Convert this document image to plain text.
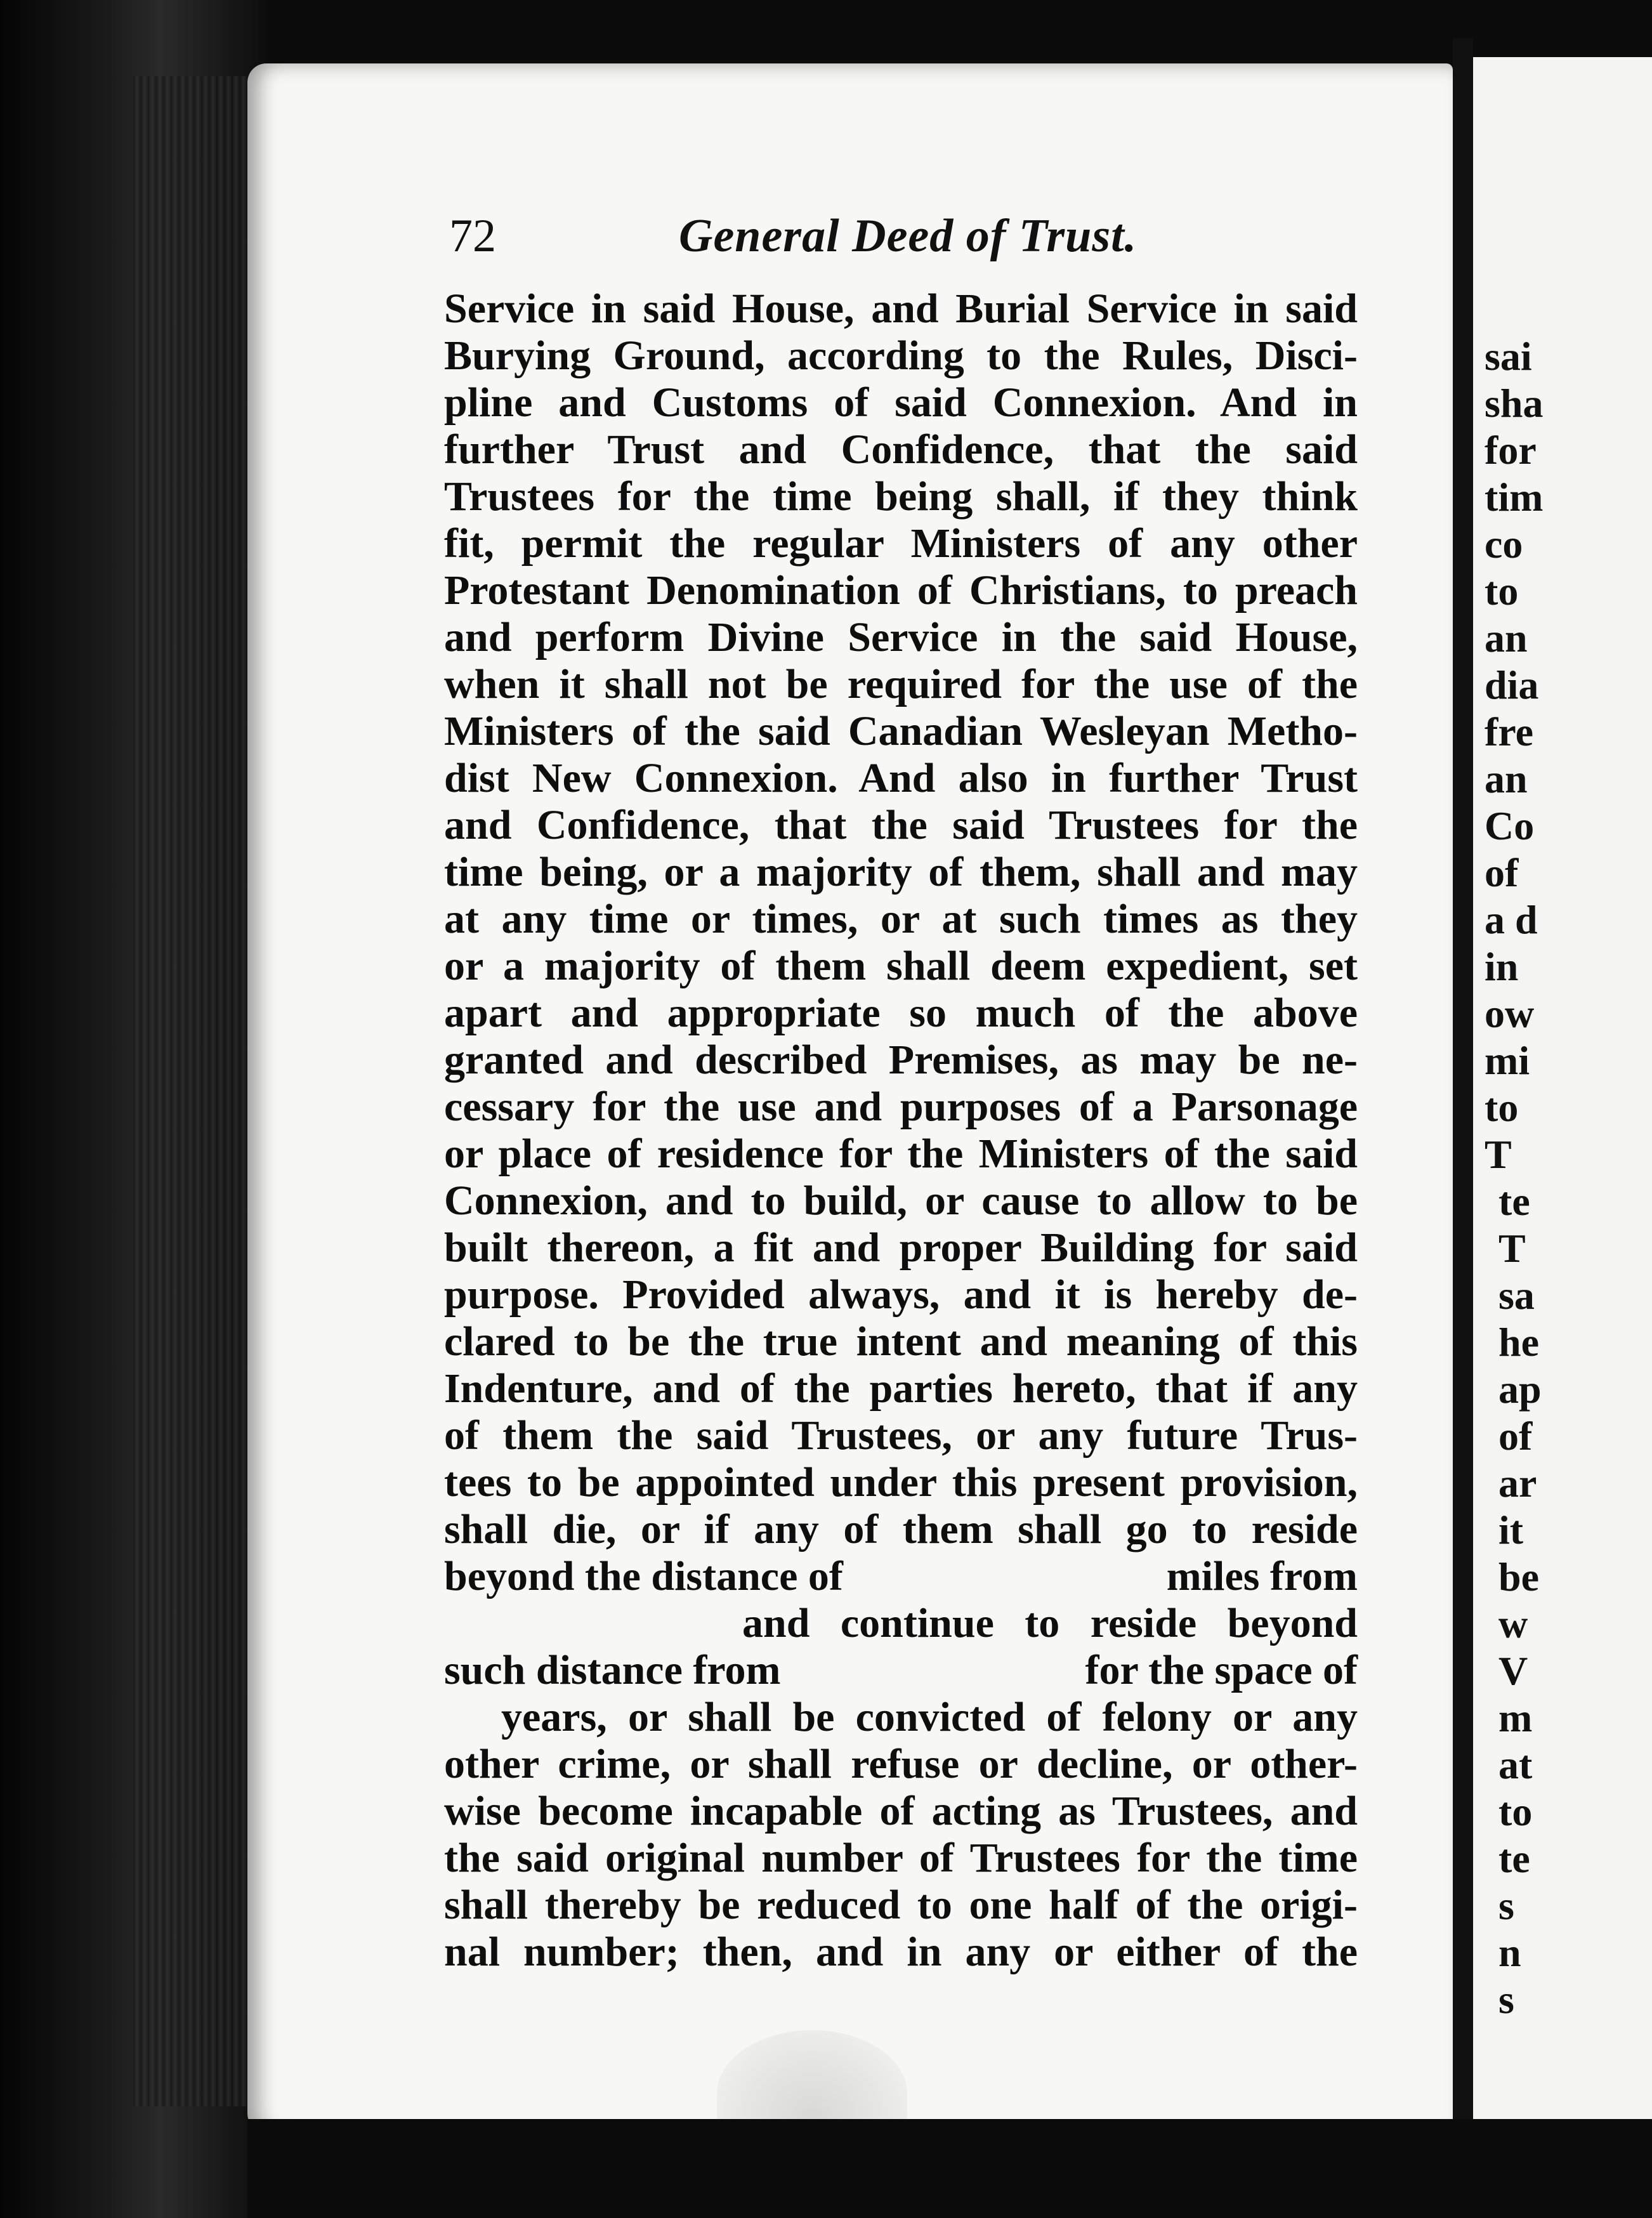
72	General Deed of Trust.
Service in said House, and Burial Service in said
Burying Ground, according to the Rules, Disci-
pline and Customs of said Connexion. And in
further Trust and Confidence, that the said
Trustees for the time being shall, if they think
fit, permit the regular Ministers of any other
Protestant Denomination of Christians, to preach
and perform Divine Service in the said House,
when it shall not be required for the use of the
Ministers of the said Canadian Wesleyan Metho-
dist New Connexion. And also in further Trust
and Confidence, that the said Trustees for the
time being, or a majority of them, shall and may
at any time or times, or at such times as they
or a majority of them shall deem expedient, set
apart and appropriate so much of the above
granted and described Premises, as may be ne-
cessary for the use and purposes of a Parsonage
or place of residence for the Ministers of the said
Connexion, and to build, or cause to allow to be
built thereon, a fit and proper Building for said
purpose. Provided always, and it is hereby de-
clared to be the true intent and meaning of this
Indenture, and of the parties hereto, that if any
of them the said Trustees, or any future Trus-
tees to be appointed under this present provision,
shall die, or if any of them shall go to reside
beyond the distance of	miles from
and continue to reside beyond
such distance from	for the space of
years, or shall be convicted of felony or any
other crime, or shall refuse or decline, or other-
wise become incapable of acting as Trustees, and
the said original number of Trustees for the time
shall thereby be reduced to one half of the origi-
nal number; then, and in any or either of the
sai
sha
for
tim
co
to
an
dia
fre
an
Co
of
a d
in
ow
mi
to
T
te
T
sa
he
ap
of
ar
it
be
w
V
m
at
to
te
s
n
s
